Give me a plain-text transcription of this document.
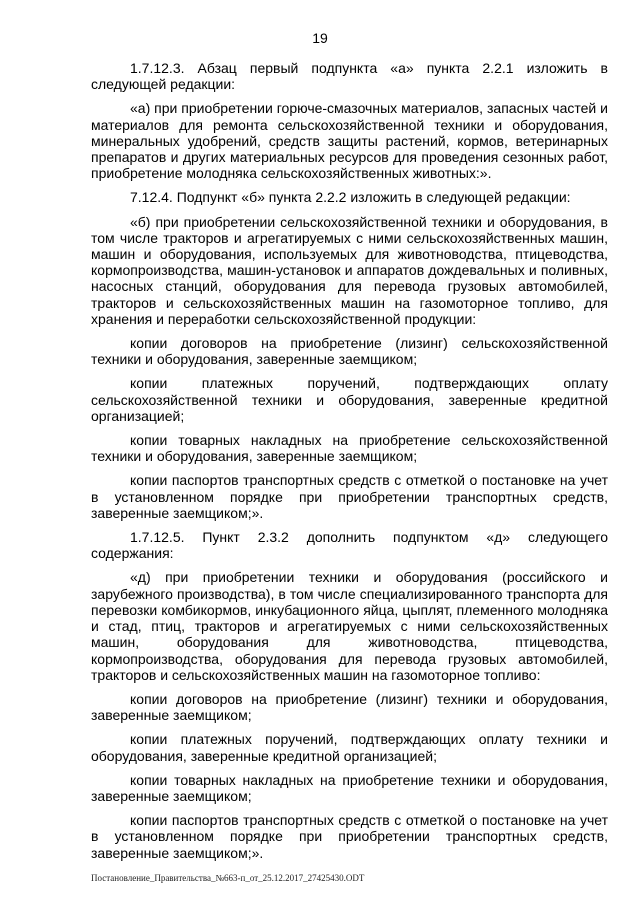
19

1.7.12.3. Абзац первый подпункта «а» пункта 2.2.1 изложить в следующей редакции:

«а) при приобретении горюче-смазочных материалов, запасных частей и материалов для ремонта сельскохозяйственной техники и оборудования, минеральных удобрений, средств защиты растений, кормов, ветеринарных препаратов и других материальных ресурсов для проведения сезонных работ, приобретение молодняка сельскохозяйственных животных:».

7.12.4. Подпункт «б» пункта 2.2.2 изложить в следующей редакции:

«б) при приобретении сельскохозяйственной техники и оборудования, в том числе тракторов и агрегатируемых с ними сельскохозяйственных машин, машин и оборудования, используемых для животноводства, птицеводства, кормопроизводства, машин-установок и аппаратов дождевальных и поливных, насосных станций, оборудования для перевода грузовых автомобилей, тракторов и сельскохозяйственных машин на газомоторное топливо, для хранения и переработки сельскохозяйственной продукции:

копии договоров на приобретение (лизинг) сельскохозяйственной техники и оборудования, заверенные заемщиком;

копии платежных поручений, подтверждающих оплату сельскохозяйственной техники и оборудования, заверенные кредитной организацией;

копии товарных накладных на приобретение сельскохозяйственной техники и оборудования, заверенные заемщиком;

копии паспортов транспортных средств с отметкой о постановке на учет в установленном порядке при приобретении транспортных средств, заверенные заемщиком;».

1.7.12.5. Пункт 2.3.2 дополнить подпунктом «д» следующего содержания:

«д) при приобретении техники и оборудования (российского и зарубежного производства), в том числе специализированного транспорта для перевозки комбикормов, инкубационного яйца, цыплят, племенного молодняка и стад, птиц, тракторов и агрегатируемых с ними сельскохозяйственных машин, оборудования для животноводства, птицеводства, кормопроизводства, оборудования для перевода грузовых автомобилей, тракторов и сельскохозяйственных машин на газомоторное топливо:

копии договоров на приобретение (лизинг) техники и оборудования, заверенные заемщиком;

копии платежных поручений, подтверждающих оплату техники и оборудования, заверенные кредитной организацией;

копии товарных накладных на приобретение техники и оборудования, заверенные заемщиком;

копии паспортов транспортных средств с отметкой о постановке на учет в установленном порядке при приобретении транспортных средств, заверенные заемщиком;».

Постановление_Правительства_№663-п_от_25.12.2017_27425430.ODT
